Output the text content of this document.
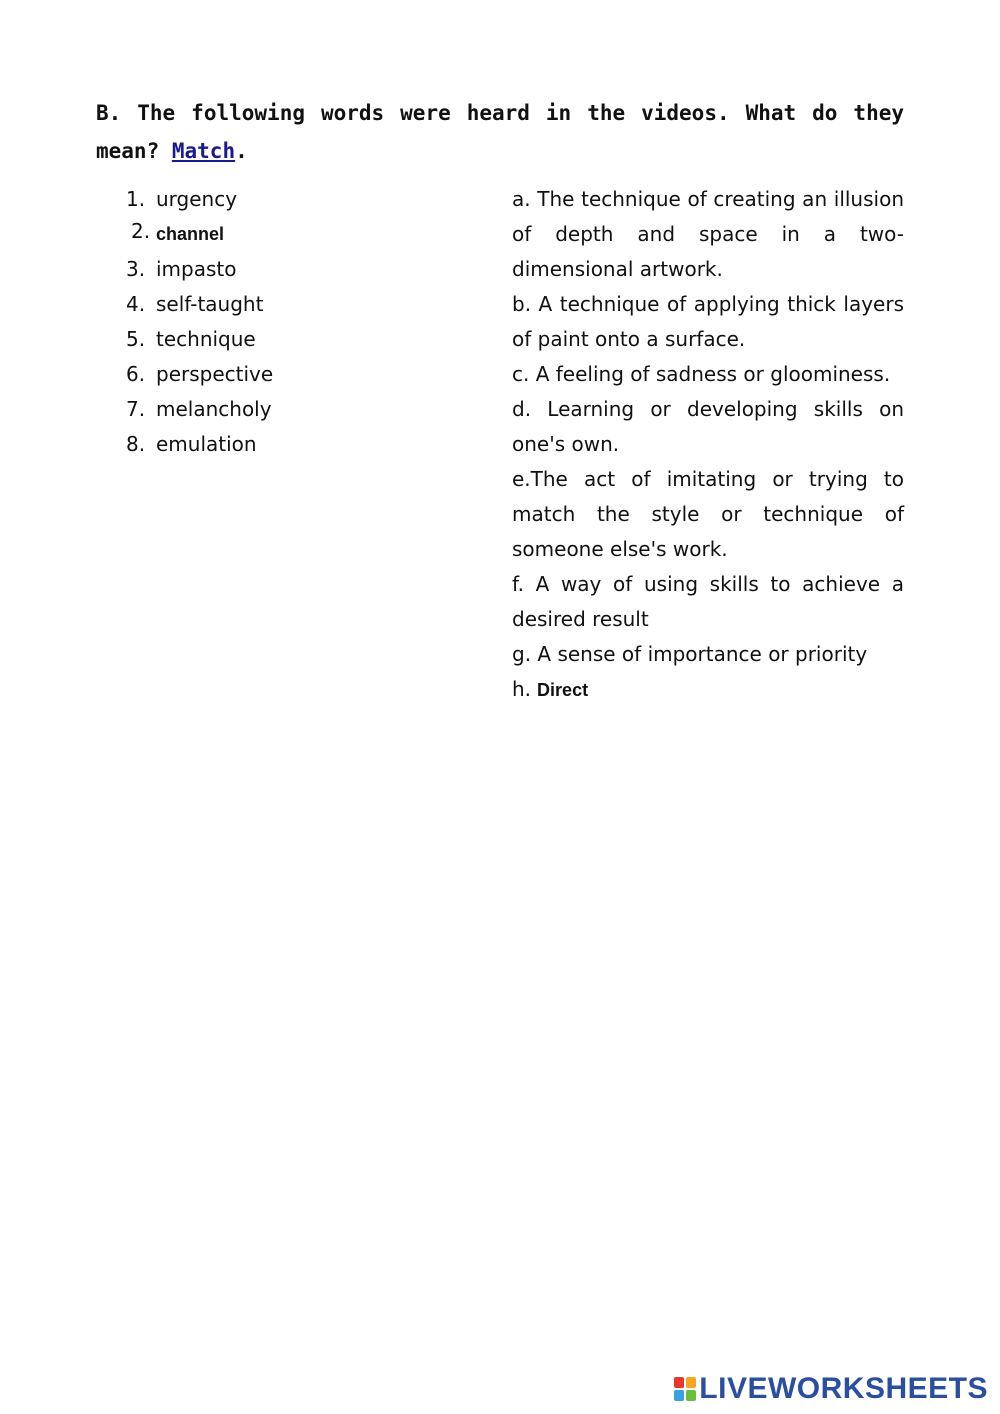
B. The following words were heard in the videos. What do they mean? Match.

1. urgency
2. channel
3. impasto
4. self-taught
5. technique
6. perspective
7. melancholy
8. emulation

a. The technique of creating an illusion of depth and space in a two-dimensional artwork.

b. A technique of applying thick layers of paint onto a surface.

c. A feeling of sadness or gloominess.

d. Learning or developing skills on one's own.

e.The act of imitating or trying to match the style or technique of someone else's work.

f. A way of using skills to achieve a desired result

g. A sense of importance or priority

h. Direct

LIVEWORKSHEETS
